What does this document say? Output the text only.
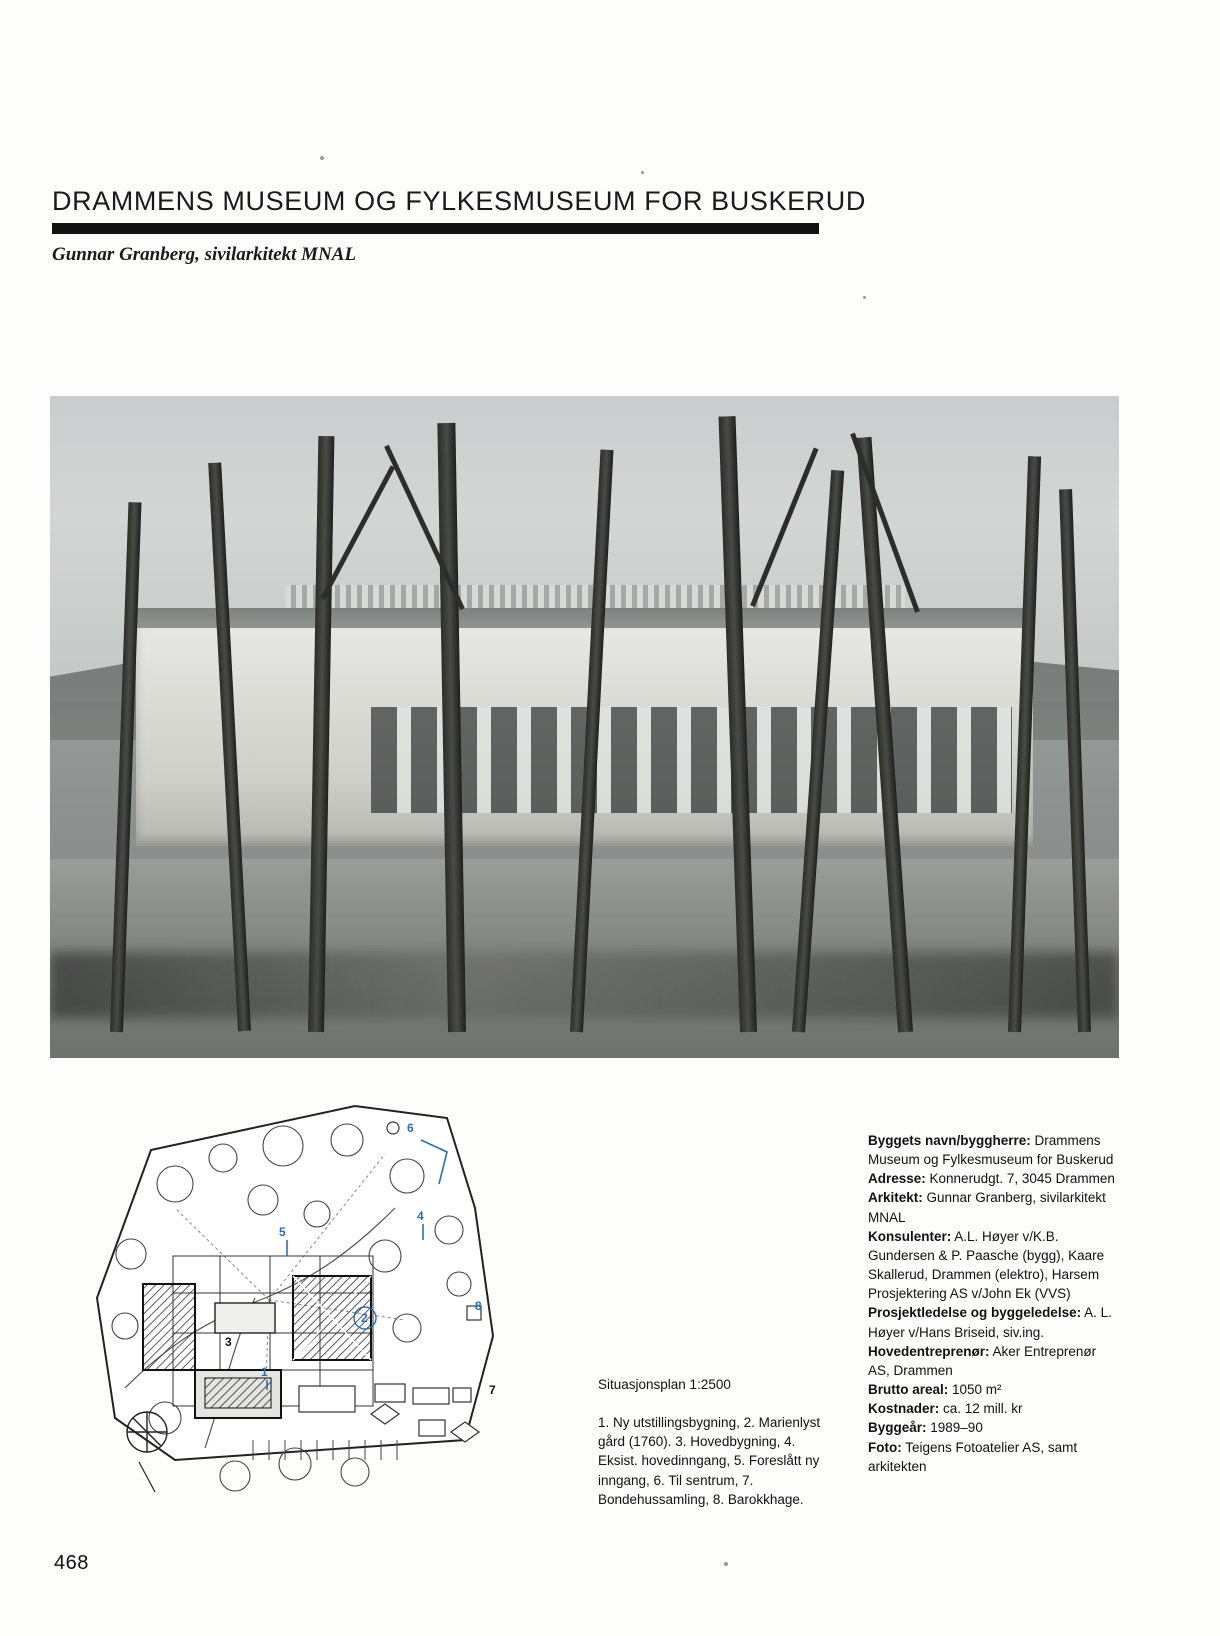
DRAMMENS MUSEUM OG FYLKESMUSEUM FOR BUSKERUD
Gunnar Granberg, sivilarkitekt MNAL
1
2
3
4
5
6
7
8
Situasjonsplan 1:2500
1. Ny utstillingsbygning, 2. Marienlyst gård (1760). 3. Hovedbygning, 4. Eksist. hovedinngang, 5. Foreslått ny inngang, 6. Til sentrum, 7. Bondehussamling, 8. Barokkhage.

Byggets navn/byggherre: Drammens Museum og Fylkesmuseum for Buskerud

Adresse: Konnerudgt. 7, 3045 Drammen

Arkitekt: Gunnar Granberg, sivilarkitekt MNAL

Konsulenter: A.L. Høyer v/K.B. Gundersen & P. Paasche (bygg), Kaare Skallerud, Drammen (elektro), Harsem Prosjektering AS v/John Ek (VVS)

Prosjektledelse og byggeledelse: A. L. Høyer v/Hans Briseid, siv.ing.

Hovedentreprenør: Aker Entreprenør AS, Drammen

Brutto areal: 1050 m²

Kostnader: ca. 12 mill. kr

Byggeår: 1989–90

Foto: Teigens Fotoatelier AS, samt arkitekten

468
